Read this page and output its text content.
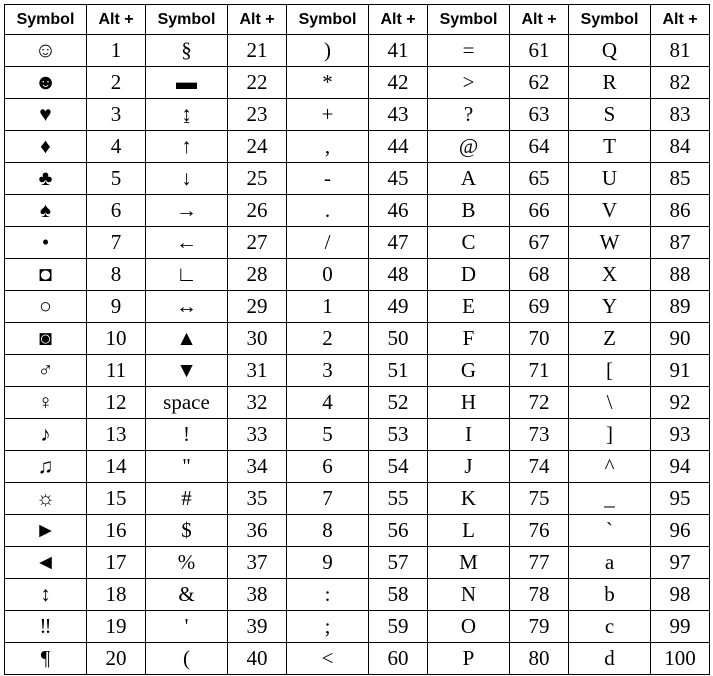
Symbol	Alt +	Symbol	Alt +	Symbol	Alt +	Symbol	Alt +	Symbol	Alt +
☺	1	§	21	)	41	=	61	Q	81
☻	2	▬	22	*	42	>	62	R	82
♥	3	↨	23	+	43	?	63	S	83
♦	4	↑	24	,	44	@	64	T	84
♣	5	↓	25	-	45	A	65	U	85
♠	6	→	26	.	46	B	66	V	86
•	7	←	27	/	47	C	67	W	87
◘	8	∟	28	0	48	D	68	X	88
○	9	↔	29	1	49	E	69	Y	89
◙	10	▲	30	2	50	F	70	Z	90
♂	11	▼	31	3	51	G	71	[	91
♀	12	space	32	4	52	H	72	\	92
♪	13	!	33	5	53	I	73	]	93
♫	14	"	34	6	54	J	74	^	94
☼	15	#	35	7	55	K	75	_	95
►	16	$	36	8	56	L	76	`	96
◄	17	%	37	9	57	M	77	a	97
↕	18	&	38	:	58	N	78	b	98
‼	19	'	39	;	59	O	79	c	99
¶	20	(	40	<	60	P	80	d	100
